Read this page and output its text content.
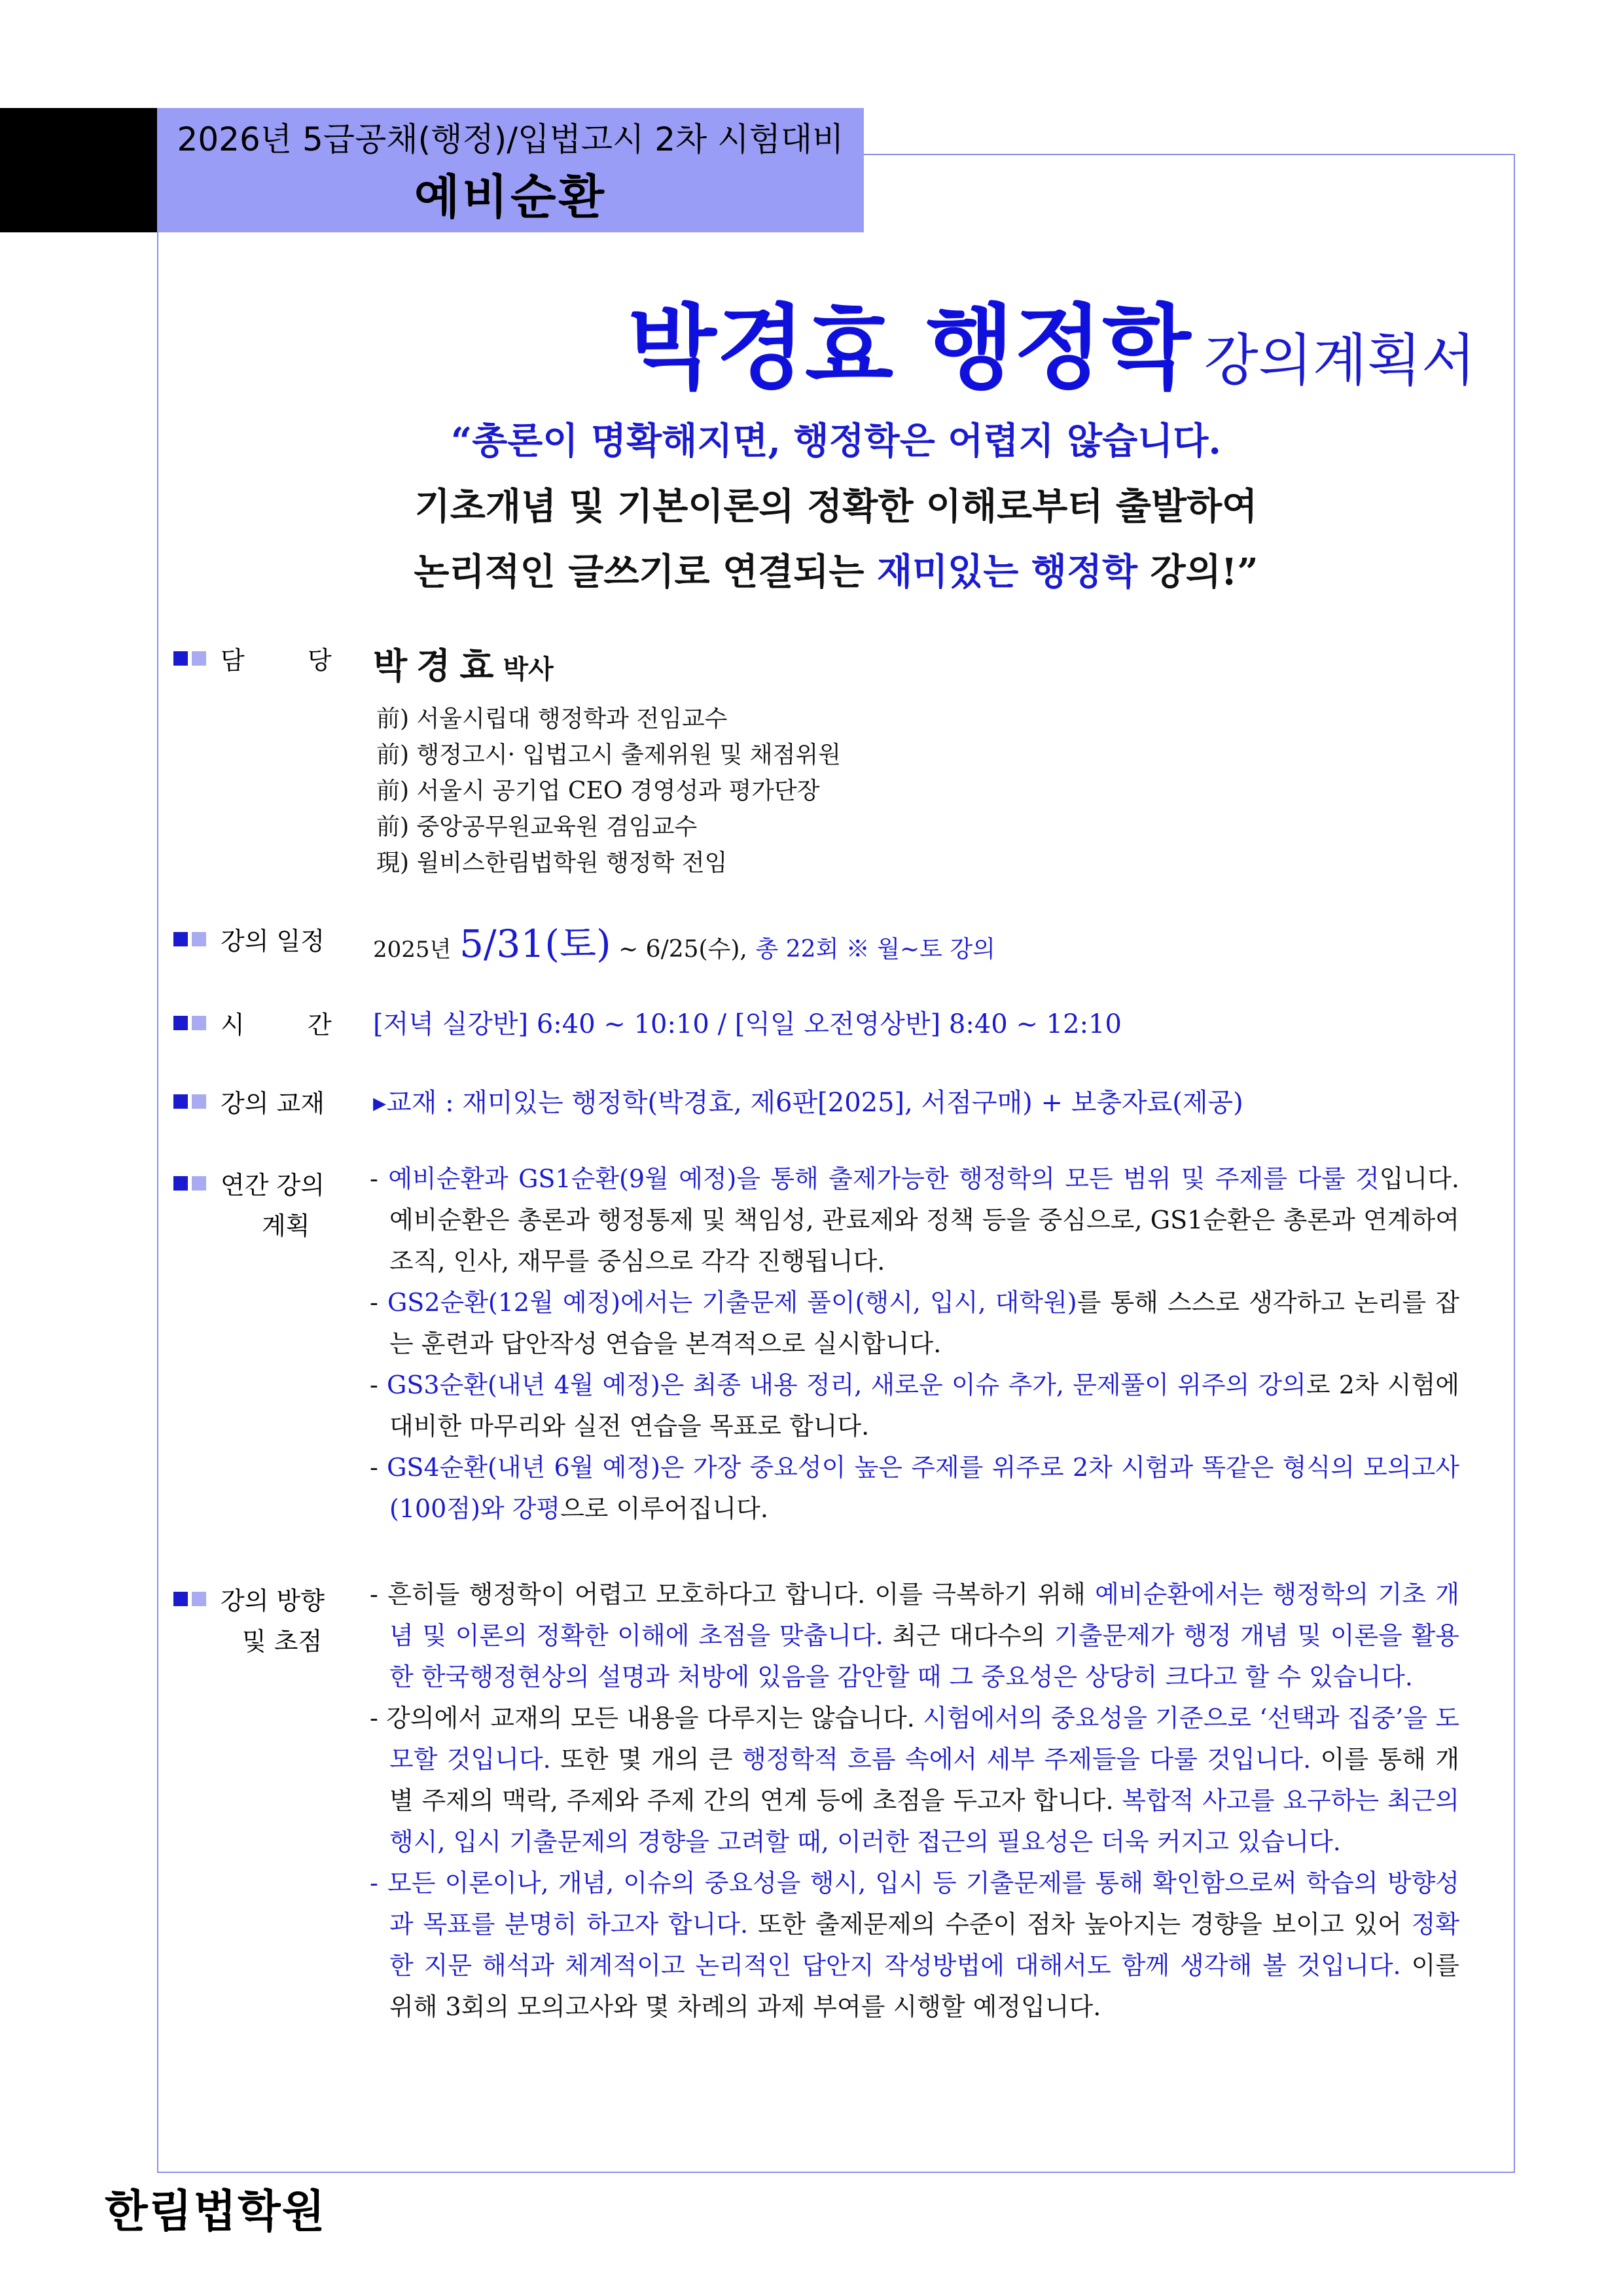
2026년 5급공채(행정)/입법고시 2차 시험대비
예비순환
박경효 행정학 강의계획서
“총론이 명확해지면, 행정학은 어렵지 않습니다.
기초개념 및 기본이론의 정확한 이해로부터 출발하여
논리적인 글쓰기로 연결되는 재미있는 행정학 강의!”
담	당 박경효박사
前) 서울시립대 행정학과 전임교수
前) 행정고시· 입법고시 출제위원 및 채점위원
前) 서울시 공기업 CEO 경영성과 평가단장
前) 중앙공무원교육원 겸임교수
現) 윌비스한림법학원 행정학 전임
강의 일정 2025년 5/31(토) ~ 6/25(수), 총 22회 ※ 월~토 강의
시	간 [저녁 실강반] 6:40 ~ 10:10 / [익일 오전영상반] 8:40 ~ 12:10
강의 교재 ▸교재 : 재미있는 행정학(박경효, 제6판[2025], 서점구매) + 보충자료(제공)
연간 강의
계획

- 예비순환과 GS1순환(9월 예정)을 통해 출제가능한 행정학의 모든 범위 및 주제를 다룰 것입니다. 예비순환은 총론과 행정통제 및 책임성, 관료제와 정책 등을 중심으로, GS1순환은 총론과 연계하여 조직, 인사, 재무를 중심으로 각각 진행됩니다.

- GS2순환(12월 예정)에서는 기출문제 풀이(행시, 입시, 대학원)를 통해 스스로 생각하고 논리를 잡는 훈련과 답안작성 연습을 본격적으로 실시합니다.

- GS3순환(내년 4월 예정)은 최종 내용 정리, 새로운 이슈 추가, 문제풀이 위주의 강의로 2차 시험에 대비한 마무리와 실전 연습을 목표로 합니다.

- GS4순환(내년 6월 예정)은 가장 중요성이 높은 주제를 위주로 2차 시험과 똑같은 형식의 모의고사(100점)와 강평으로 이루어집니다.

강의 방향
및 초점

- 흔히들 행정학이 어렵고 모호하다고 합니다. 이를 극복하기 위해 예비순환에서는 행정학의 기초 개념 및 이론의 정확한 이해에 초점을 맞춥니다. 최근 대다수의 기출문제가 행정 개념 및 이론을 활용한 한국행정현상의 설명과 처방에 있음을 감안할 때 그 중요성은 상당히 크다고 할 수 있습니다.

- 강의에서 교재의 모든 내용을 다루지는 않습니다. 시험에서의 중요성을 기준으로 ‘선택과 집중’을 도모할 것입니다. 또한 몇 개의 큰 행정학적 흐름 속에서 세부 주제들을 다룰 것입니다. 이를 통해 개별 주제의 맥락, 주제와 주제 간의 연계 등에 초점을 두고자 합니다. 복합적 사고를 요구하는 최근의 행시, 입시 기출문제의 경향을 고려할 때, 이러한 접근의 필요성은 더욱 커지고 있습니다.

- 모든 이론이나, 개념, 이슈의 중요성을 행시, 입시 등 기출문제를 통해 확인함으로써 학습의 방향성과 목표를 분명히 하고자 합니다. 또한 출제문제의 수준이 점차 높아지는 경향을 보이고 있어 정확한 지문 해석과 체계적이고 논리적인 답안지 작성방법에 대해서도 함께 생각해 볼 것입니다. 이를 위해 3회의 모의고사와 몇 차례의 과제 부여를 시행할 예정입니다.

한림법학원
